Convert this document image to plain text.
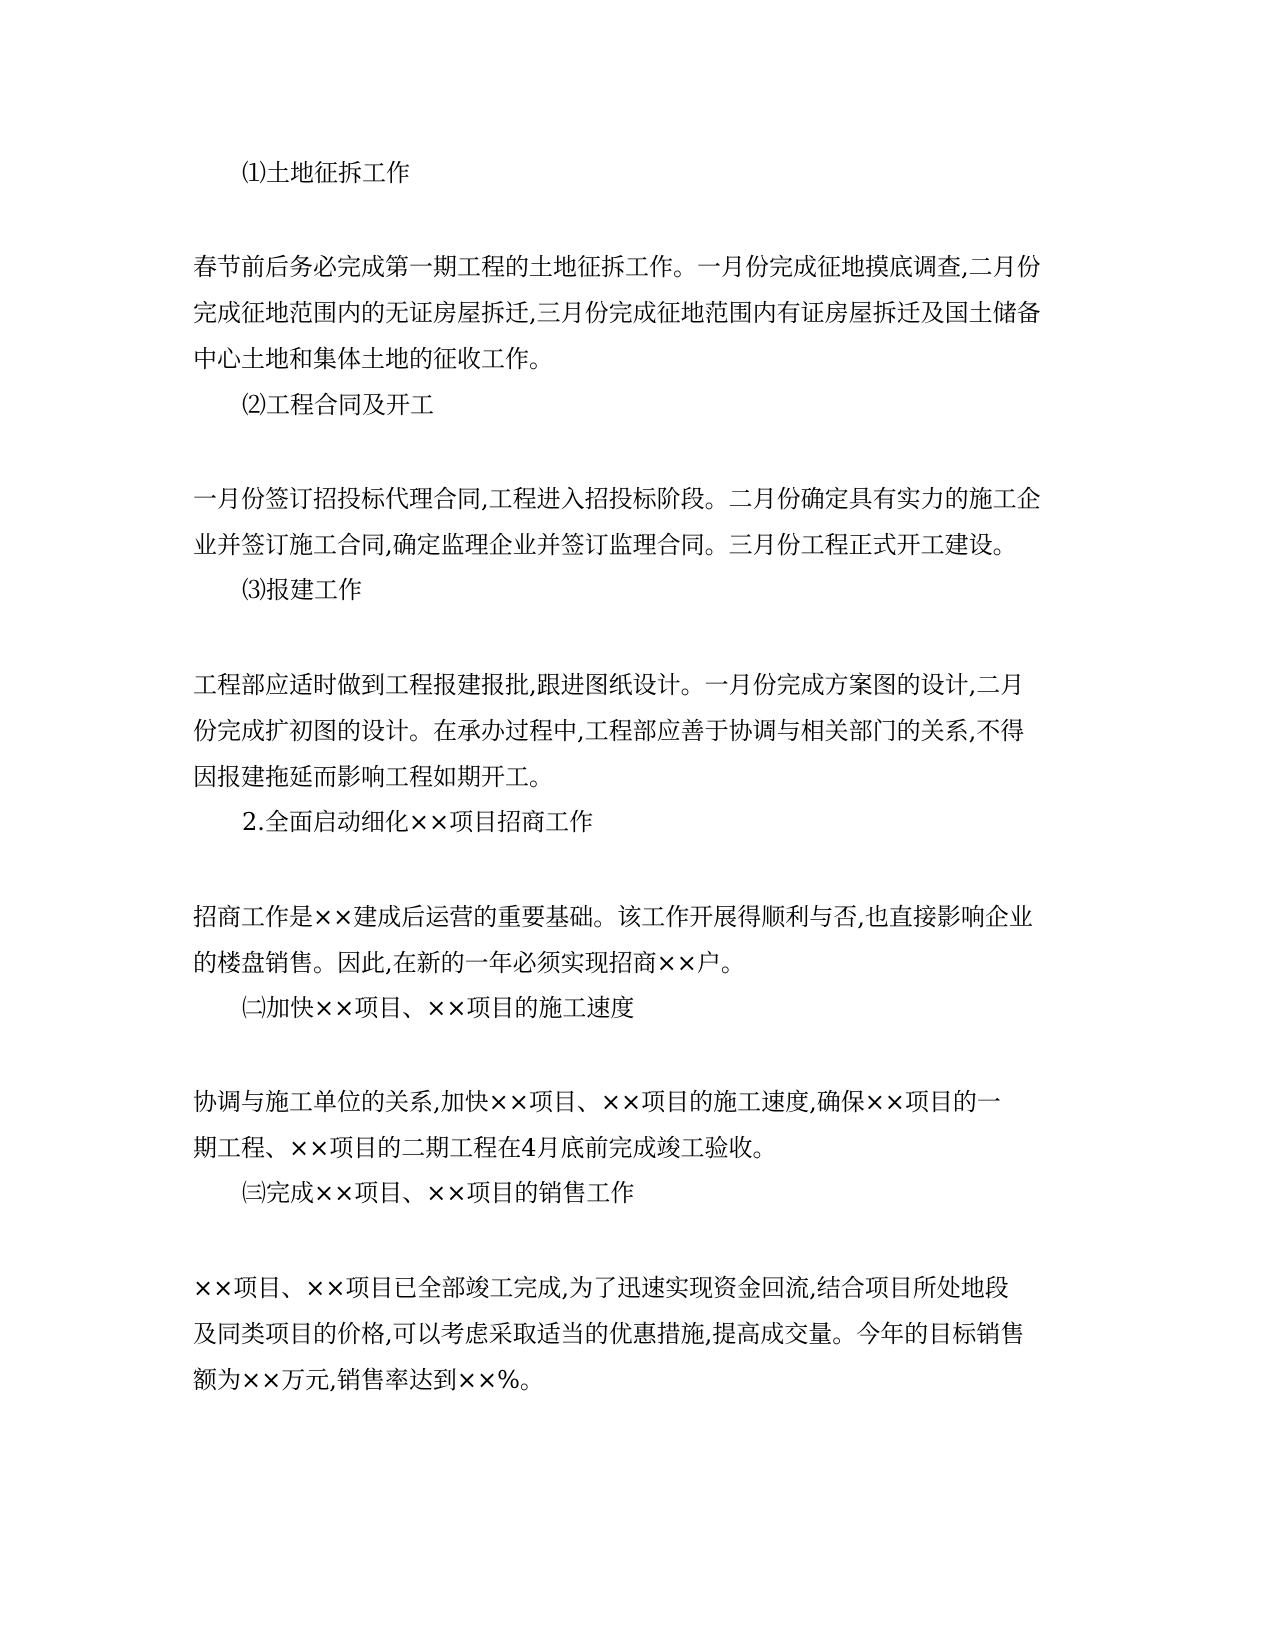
⑴土地征拆工作
春节前后务必完成第一期工程的土地征拆工作。一月份完成征地摸底调查,二月份
完成征地范围内的无证房屋拆迁,三月份完成征地范围内有证房屋拆迁及国土储备
中心土地和集体土地的征收工作。
⑵工程合同及开工
一月份签订招投标代理合同,工程进入招投标阶段。二月份确定具有实力的施工企
业并签订施工合同,确定监理企业并签订监理合同。三月份工程正式开工建设。
⑶报建工作
工程部应适时做到工程报建报批,跟进图纸设计。一月份完成方案图的设计,二月
份完成扩初图的设计。在承办过程中,工程部应善于协调与相关部门的关系,不得
因报建拖延而影响工程如期开工。
2.全面启动细化××项目招商工作
招商工作是××建成后运营的重要基础。该工作开展得顺利与否,也直接影响企业
的楼盘销售。因此,在新的一年必须实现招商××户。
㈡加快××项目、××项目的施工速度
协调与施工单位的关系,加快××项目、××项目的施工速度,确保××项目的一
期工程、××项目的二期工程在4月底前完成竣工验收。
㈢完成××项目、××项目的销售工作
××项目、××项目已全部竣工完成,为了迅速实现资金回流,结合项目所处地段
及同类项目的价格,可以考虑采取适当的优惠措施,提高成交量。今年的目标销售
额为××万元,销售率达到××%。
